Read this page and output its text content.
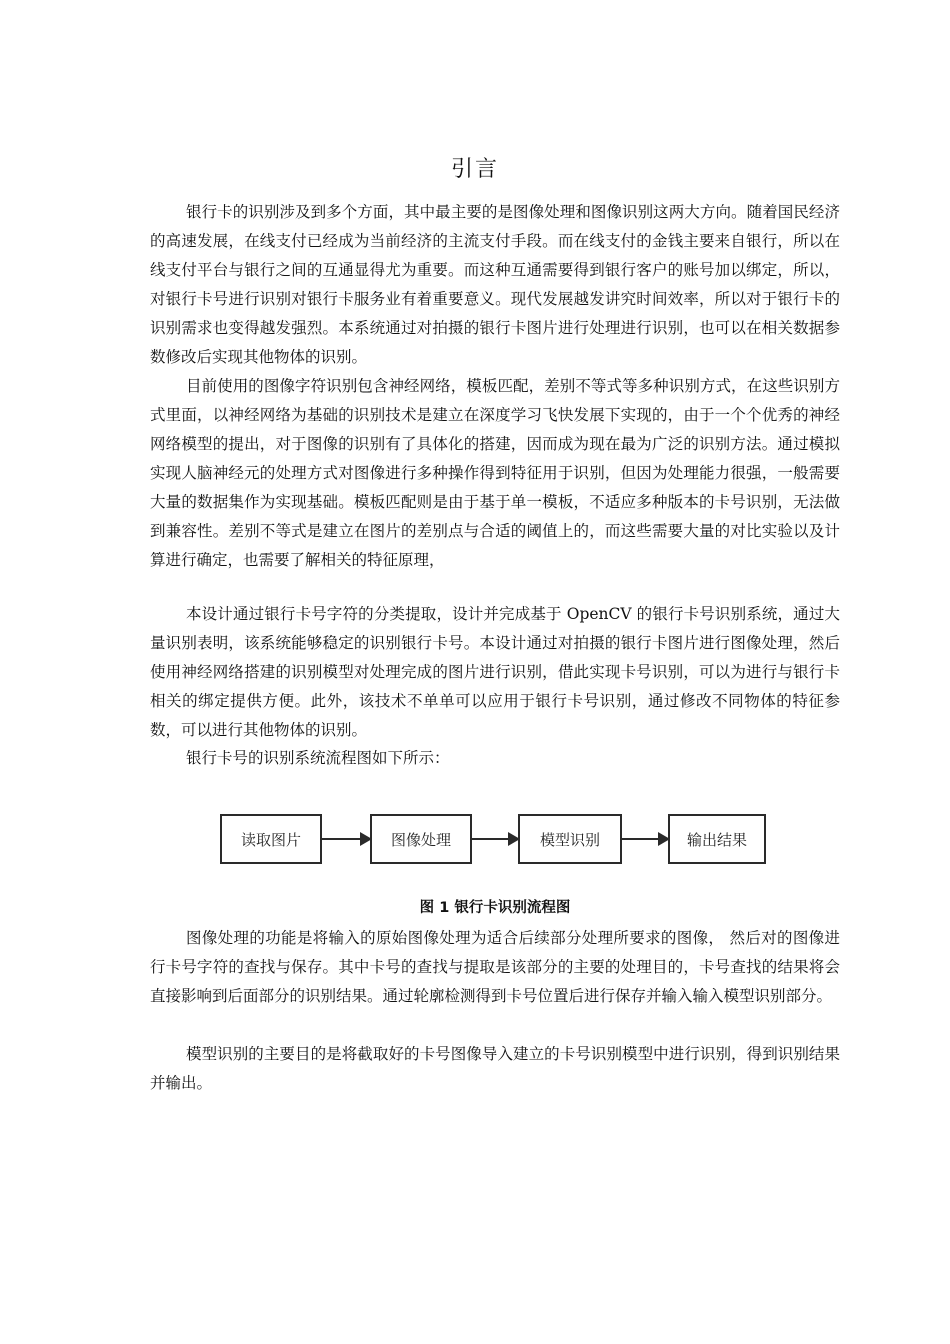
引言

银行卡的识别涉及到多个方面，其中最主要的是图像处理和图像识别这两大方向。随着国民经济的高速发展，在线支付已经成为当前经济的主流支付手段。而在线支付的金钱主要来自银行，所以在线支付平台与银行之间的互通显得尤为重要。而这种互通需要得到银行客户的账号加以绑定，所以，对银行卡号进行识别对银行卡服务业有着重要意义。现代发展越发讲究时间效率，所以对于银行卡的识别需求也变得越发强烈。本系统通过对拍摄的银行卡图片进行处理进行识别，也可以在相关数据参数修改后实现其他物体的识别。

目前使用的图像字符识别包含神经网络，模板匹配，差别不等式等多种识别方式，在这些识别方式里面，以神经网络为基础的识别技术是建立在深度学习飞快发展下实现的，由于一个个优秀的神经网络模型的提出，对于图像的识别有了具体化的搭建，因而成为现在最为广泛的识别方法。通过模拟实现人脑神经元的处理方式对图像进行多种操作得到特征用于识别，但因为处理能力很强，一般需要大量的数据集作为实现基础。模板匹配则是由于基于单一模板，不适应多种版本的卡号识别，无法做到兼容性。差别不等式是建立在图片的差别点与合适的阈值上的，而这些需要大量的对比实验以及计算进行确定，也需要了解相关的特征原理，

本设计通过银行卡号字符的分类提取，设计并完成基于 OpenCV 的银行卡号识别系统，通过大量识别表明，该系统能够稳定的识别银行卡号。本设计通过对拍摄的银行卡图片进行图像处理，然后使用神经网络搭建的识别模型对处理完成的图片进行识别，借此实现卡号识别，可以为进行与银行卡相关的绑定提供方便。此外，该技术不单单可以应用于银行卡号识别，通过修改不同物体的特征参数，可以进行其他物体的识别。

银行卡号的识别系统流程图如下所示：

读取图片	图像处理	模型识别	输出结果
图 1 银行卡识别流程图

图像处理的功能是将输入的原始图像处理为适合后续部分处理所要求的图像， 然后对的图像进行卡号字符的查找与保存。其中卡号的查找与提取是该部分的主要的处理目的，卡号查找的结果将会直接影响到后面部分的识别结果。通过轮廓检测得到卡号位置后进行保存并输入输入模型识别部分。

模型识别的主要目的是将截取好的卡号图像导入建立的卡号识别模型中进行识别，得到识别结果并输出。
